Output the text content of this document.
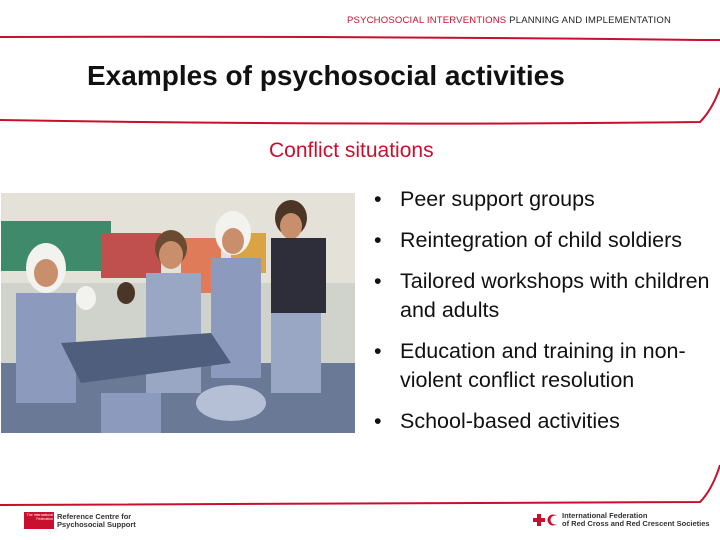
PSYCHOSOCIAL INTERVENTIONS PLANNING AND IMPLEMENTATION
Examples of psychosocial activities
Conflict situations
• Peer support groups
• Reintegration of child soldiers
• Tailored workshops with children and adults
• Education and training in non-violent conflict resolution
• School-based activities
The International Federation Reference Centre for
Psychosocial Support
International Federation
of Red Cross and Red Crescent Societies
